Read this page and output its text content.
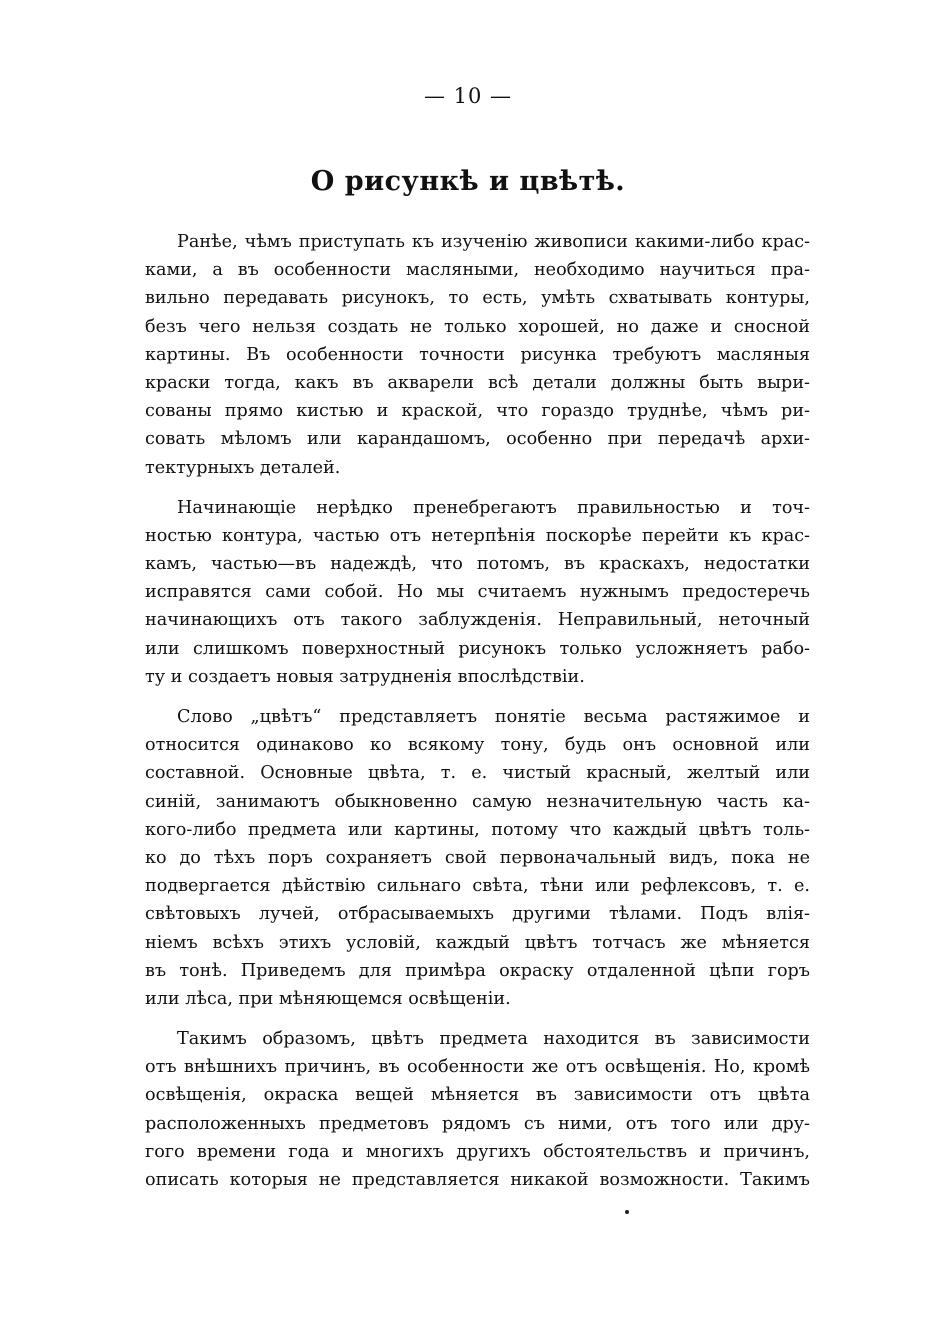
— 10 —
О рисункѣ и цвѣтѣ.
Ранѣе, чѣмъ приступать къ изученію живописи какими-либо крас-
ками, а въ особенности масляными, необходимо научиться пра-
вильно передавать рисунокъ, то есть, умѣть схватывать контуры,
безъ чего нельзя создать не только хорошей, но даже и сносной
картины. Въ особенности точности рисунка требуютъ масляныя
краски тогда, какъ въ акварели всѣ детали должны быть выри-
сованы прямо кистью и краской, что гораздо труднѣе, чѣмъ ри-
совать мѣломъ или карандашомъ, особенно при передачѣ архи-
тектурныхъ деталей.
Начинающіе нерѣдко пренебрегаютъ правильностью и точ-
ностью контура, частью отъ нетерпѣнія поскорѣе перейти къ крас-
камъ, частью—въ надеждѣ, что потомъ, въ краскахъ, недостатки
исправятся сами собой. Но мы считаемъ нужнымъ предостеречь
начинающихъ отъ такого заблужденія. Неправильный, неточный
или слишкомъ поверхностный рисунокъ только усложняетъ рабо-
ту и создаетъ новыя затрудненія впослѣдствіи.
Слово „цвѣтъ“ представляетъ понятіе весьма растяжимое и
относится одинаково ко всякому тону, будь онъ основной или
составной. Основные цвѣта, т. е. чистый красный, желтый или
синій, занимаютъ обыкновенно самую незначительную часть ка-
кого-либо предмета или картины, потому что каждый цвѣтъ толь-
ко до тѣхъ поръ сохраняетъ свой первоначальный видъ, пока не
подвергается дѣйствію сильнаго свѣта, тѣни или рефлексовъ, т. е.
свѣтовыхъ лучей, отбрасываемыхъ другими тѣлами. Подъ влія-
ніемъ всѣхъ этихъ условій, каждый цвѣтъ тотчасъ же мѣняется
въ тонѣ. Приведемъ для примѣра окраску отдаленной цѣпи горъ
или лѣса, при мѣняющемся освѣщеніи.
Такимъ образомъ, цвѣтъ предмета находится въ зависимости
отъ внѣшнихъ причинъ, въ особенности же отъ освѣщенія. Но, кромѣ
освѣщенія, окраска вещей мѣняется въ зависимости отъ цвѣта
расположенныхъ предметовъ рядомъ съ ними, отъ того или дру-
гого времени года и многихъ другихъ обстоятельствъ и причинъ,
описать которыя не представляется никакой возможности. Такимъ
